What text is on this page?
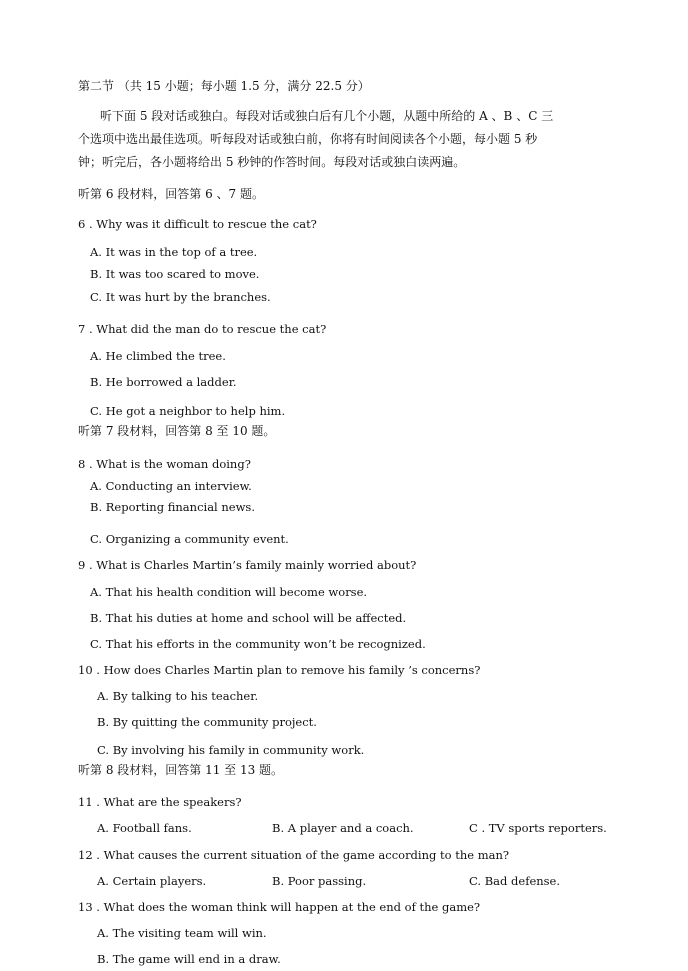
第二节 （共 15 小题；每小题 1.5 分，满分 22.5 分）
听下面 5 段对话或独白。每段对话或独白后有几个小题，从题中所给的 A 、B 、C 三
个选项中选出最佳选项。听每段对话或独白前，你将有时间阅读各个小题，每小题 5 秒
钟；听完后，各小题将给出 5 秒钟的作答时间。每段对话或独白读两遍。
听第 6 段材料，回答第 6 、7 题。
6 . Why was it difficult to rescue the cat?
A. It was in the top of a tree.
B. It was too scared to move.
C. It was hurt by the branches.
7 . What did the man do to rescue the cat?
A. He climbed the tree.
B. He borrowed a ladder.
C. He got a neighbor to help him.
听第 7 段材料，回答第 8 至 10 题。
8 . What is the woman doing?
A. Conducting an interview.
B. Reporting financial news.
C. Organizing a community event.
9 . What is Charles Martin’s family mainly worried about?
A. That his health condition will become worse.
B. That his duties at home and school will be affected.
C. That his efforts in the community won’t be recognized.
10 . How does Charles Martin plan to remove his family ’s concerns?
A. By talking to his teacher.
B. By quitting the community project.
C. By involving his family in community work.
听第 8 段材料，回答第 11 至 13 题。
11 . What are the speakers?
A. Football fans.	B. A player and a coach.	C . TV sports reporters.
12 . What causes the current situation of the game according to the man?
A. Certain players.	B. Poor passing.	C. Bad defense.
13 . What does the woman think will happen at the end of the game?
A. The visiting team will win.
B. The game will end in a draw.
